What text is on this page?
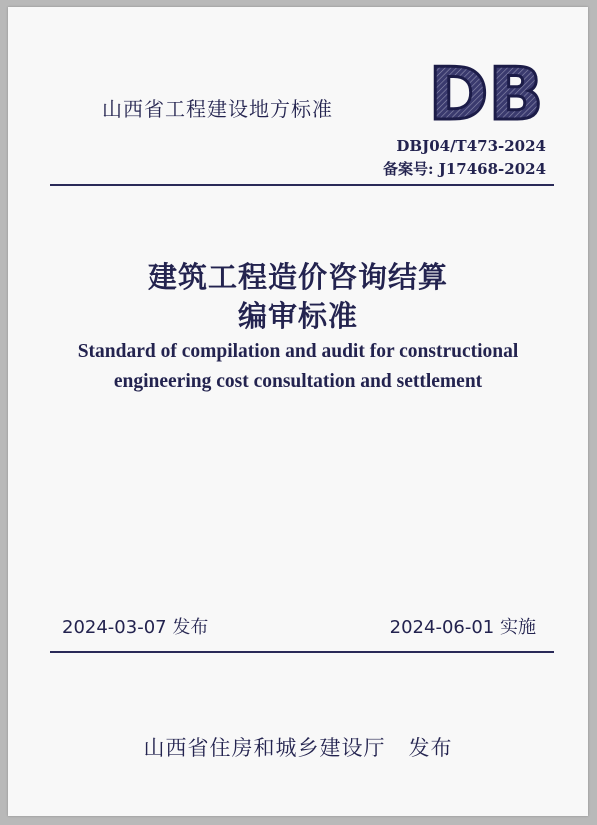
山西省工程建设地方标准 DB
DBJ04/T473-2024
备案号: J17468-2024
建筑工程造价咨询结算
编审标准
Standard of compilation and audit for constructional
engineering cost consultation and settlement
2024-03-07 发布	2024-06-01 实施
山西省住房和城乡建设厅   发布
